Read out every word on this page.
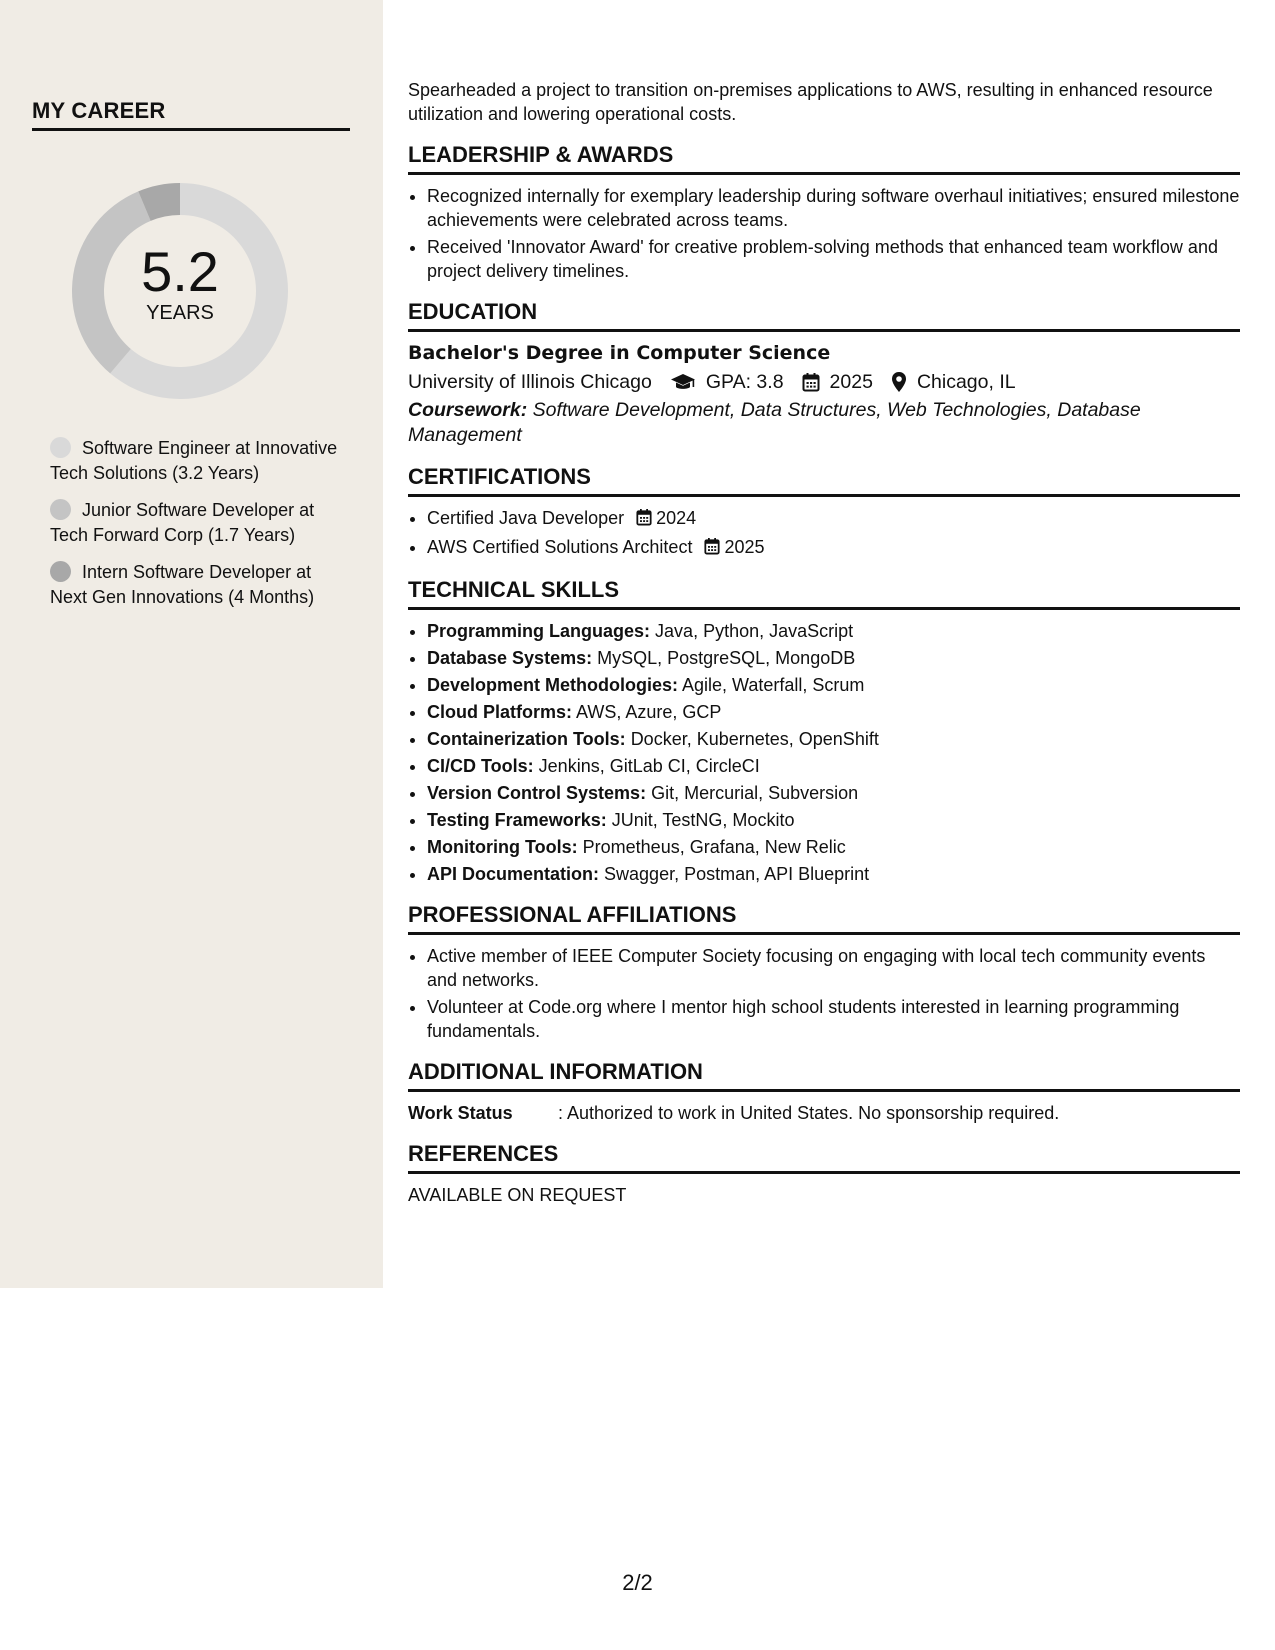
MY CAREER
5.2
YEARS
Software Engineer at Innovative Tech Solutions (3.2 Years)
Junior Software Developer at Tech Forward Corp (1.7 Years)
Intern Software Developer at Next Gen Innovations (4 Months)

Spearheaded a project to transition on-premises applications to AWS, resulting in enhanced resource utilization and lowering operational costs.

LEADERSHIP & AWARDS
• Recognized internally for exemplary leadership during software overhaul initiatives; ensured milestone achievements were celebrated across teams.
• Received 'Innovator Award' for creative problem-solving methods that enhanced team workflow and project delivery timelines.
EDUCATION
Bachelor's Degree in Computer Science
University of Illinois Chicago	GPA: 3.8 2025 Chicago, IL
Coursework: Software Development, Data Structures, Web Technologies, Database Management
CERTIFICATIONS
• Certified Java Developer 2024
• AWS Certified Solutions Architect 2025
TECHNICAL SKILLS
• Programming Languages: Java, Python, JavaScript
• Database Systems: MySQL, PostgreSQL, MongoDB
• Development Methodologies: Agile, Waterfall, Scrum
• Cloud Platforms: AWS, Azure, GCP
• Containerization Tools: Docker, Kubernetes, OpenShift
• CI/CD Tools: Jenkins, GitLab CI, CircleCI
• Version Control Systems: Git, Mercurial, Subversion
• Testing Frameworks: JUnit, TestNG, Mockito
• Monitoring Tools: Prometheus, Grafana, New Relic
• API Documentation: Swagger, Postman, API Blueprint
PROFESSIONAL AFFILIATIONS
• Active member of IEEE Computer Society focusing on engaging with local tech community events and networks.
• Volunteer at Code.org where I mentor high school students interested in learning programming fundamentals.
ADDITIONAL INFORMATION
Work Status	: Authorized to work in United States. No sponsorship required.
REFERENCES
AVAILABLE ON REQUEST
2/2
